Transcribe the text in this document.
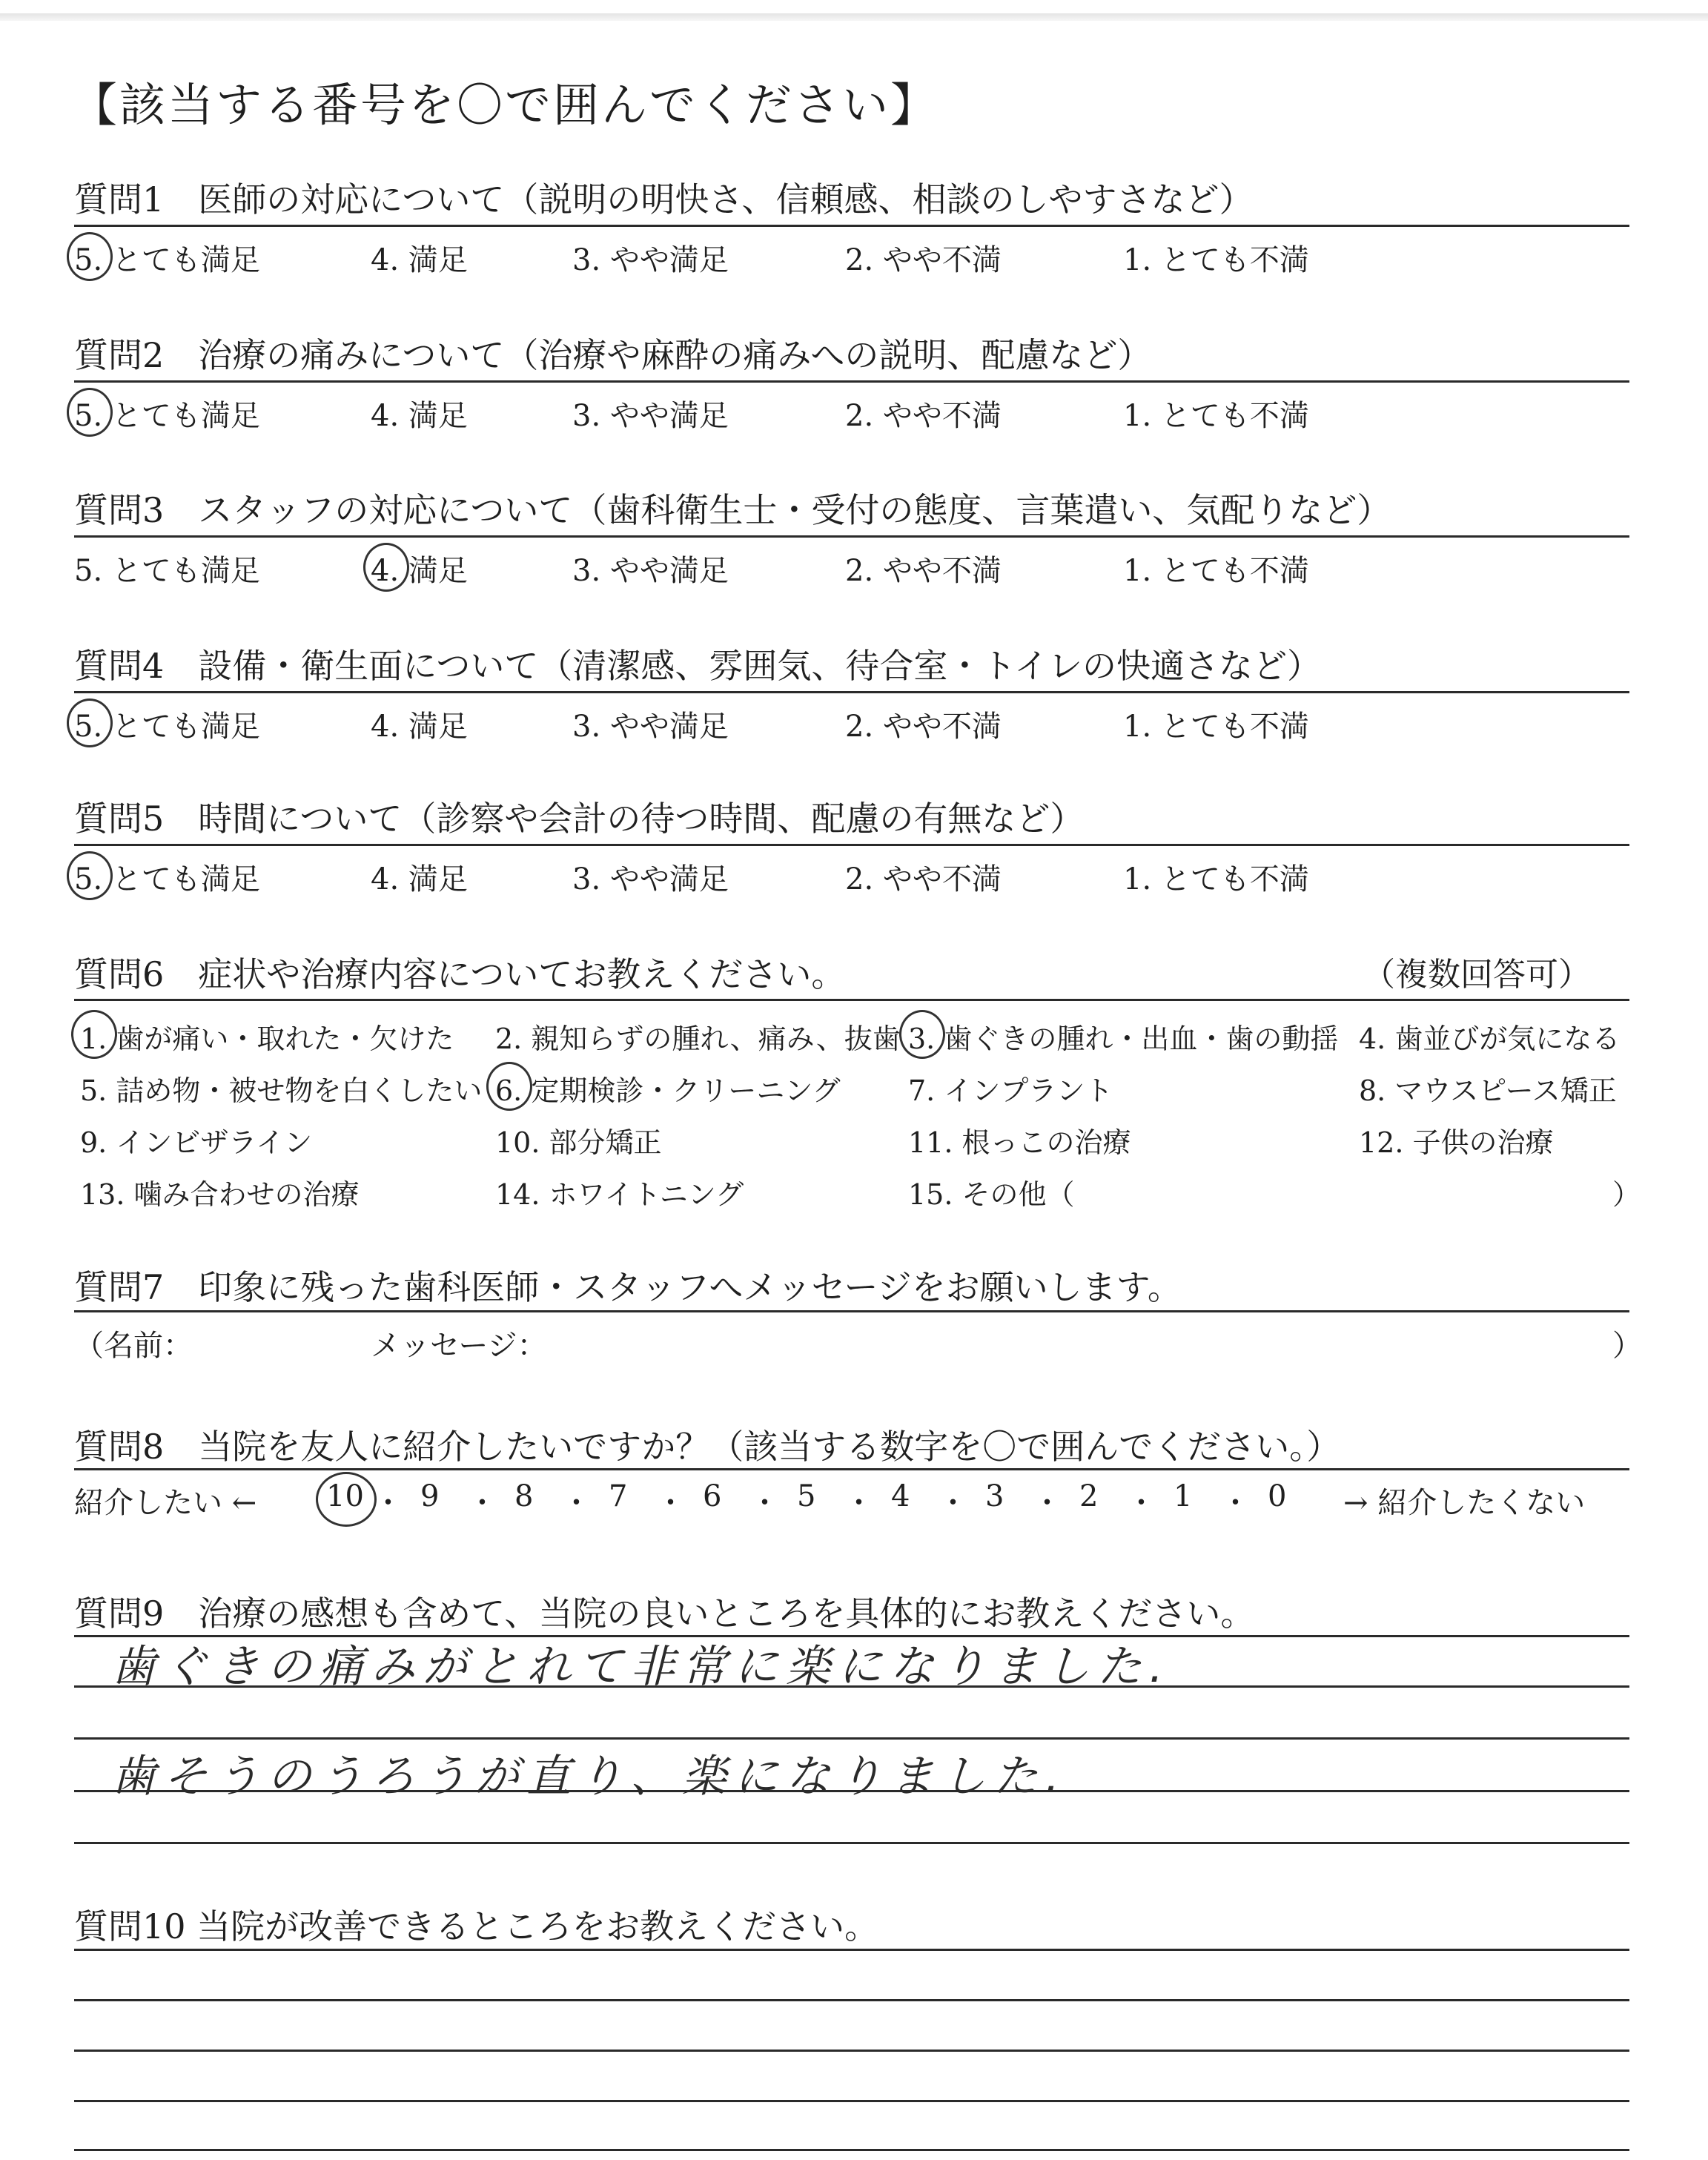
【該当する番号を〇で囲んでください】
質問1　医師の対応について（説明の明快さ、信頼感、相談のしやすさなど）
5. とても満足	4. 満足	3. やや満足	2. やや不満	1. とても不満
質問2　治療の痛みについて（治療や麻酔の痛みへの説明、配慮など）
5. とても満足	4. 満足	3. やや満足	2. やや不満	1. とても不満
質問3　スタッフの対応について（歯科衛生士・受付の態度、言葉遣い、気配りなど）
5. とても満足	4. 満足	3. やや満足	2. やや不満	1. とても不満
質問4　設備・衛生面について（清潔感、雰囲気、待合室・トイレの快適さなど）
5. とても満足	4. 満足	3. やや満足	2. やや不満	1. とても不満
質問5　時間について（診察や会計の待つ時間、配慮の有無など）
5. とても満足	4. 満足	3. やや満足	2. やや不満	1. とても不満
質問6　症状や治療内容についてお教えください。	（複数回答可）
1. 歯が痛い・取れた・欠けた 2. 親知らずの腫れ、痛み、抜歯 3. 歯ぐきの腫れ・出血・歯の動揺 4. 歯並びが気になる
5. 詰め物・被せ物を白くしたい 6. 定期検診・クリーニング 7. インプラント	8. マウスピース矯正
9. インビザライン	10. 部分矯正	11. 根っこの治療	12. 子供の治療
13. 噛み合わせの治療	14. ホワイトニング	15. その他（	）
質問7　印象に残った歯科医師・スタッフへメッセージをお願いします。
（名前：	メッセージ：	）
質問8　当院を友人に紹介したいですか？（該当する数字を〇で囲んでください。）
紹介したい ← 10 ・ 9 ・ 8 ・ 7 ・ 6 ・ 5 ・ 4 ・ 3 ・ 2 ・ 1 ・ 0 → 紹介したくない
質問9　治療の感想も含めて、当院の良いところを具体的にお教えください。
歯ぐきの痛みがとれて非常に楽になりました.
歯そうのうろうが直り、楽になりました.
質問10 当院が改善できるところをお教えください。
